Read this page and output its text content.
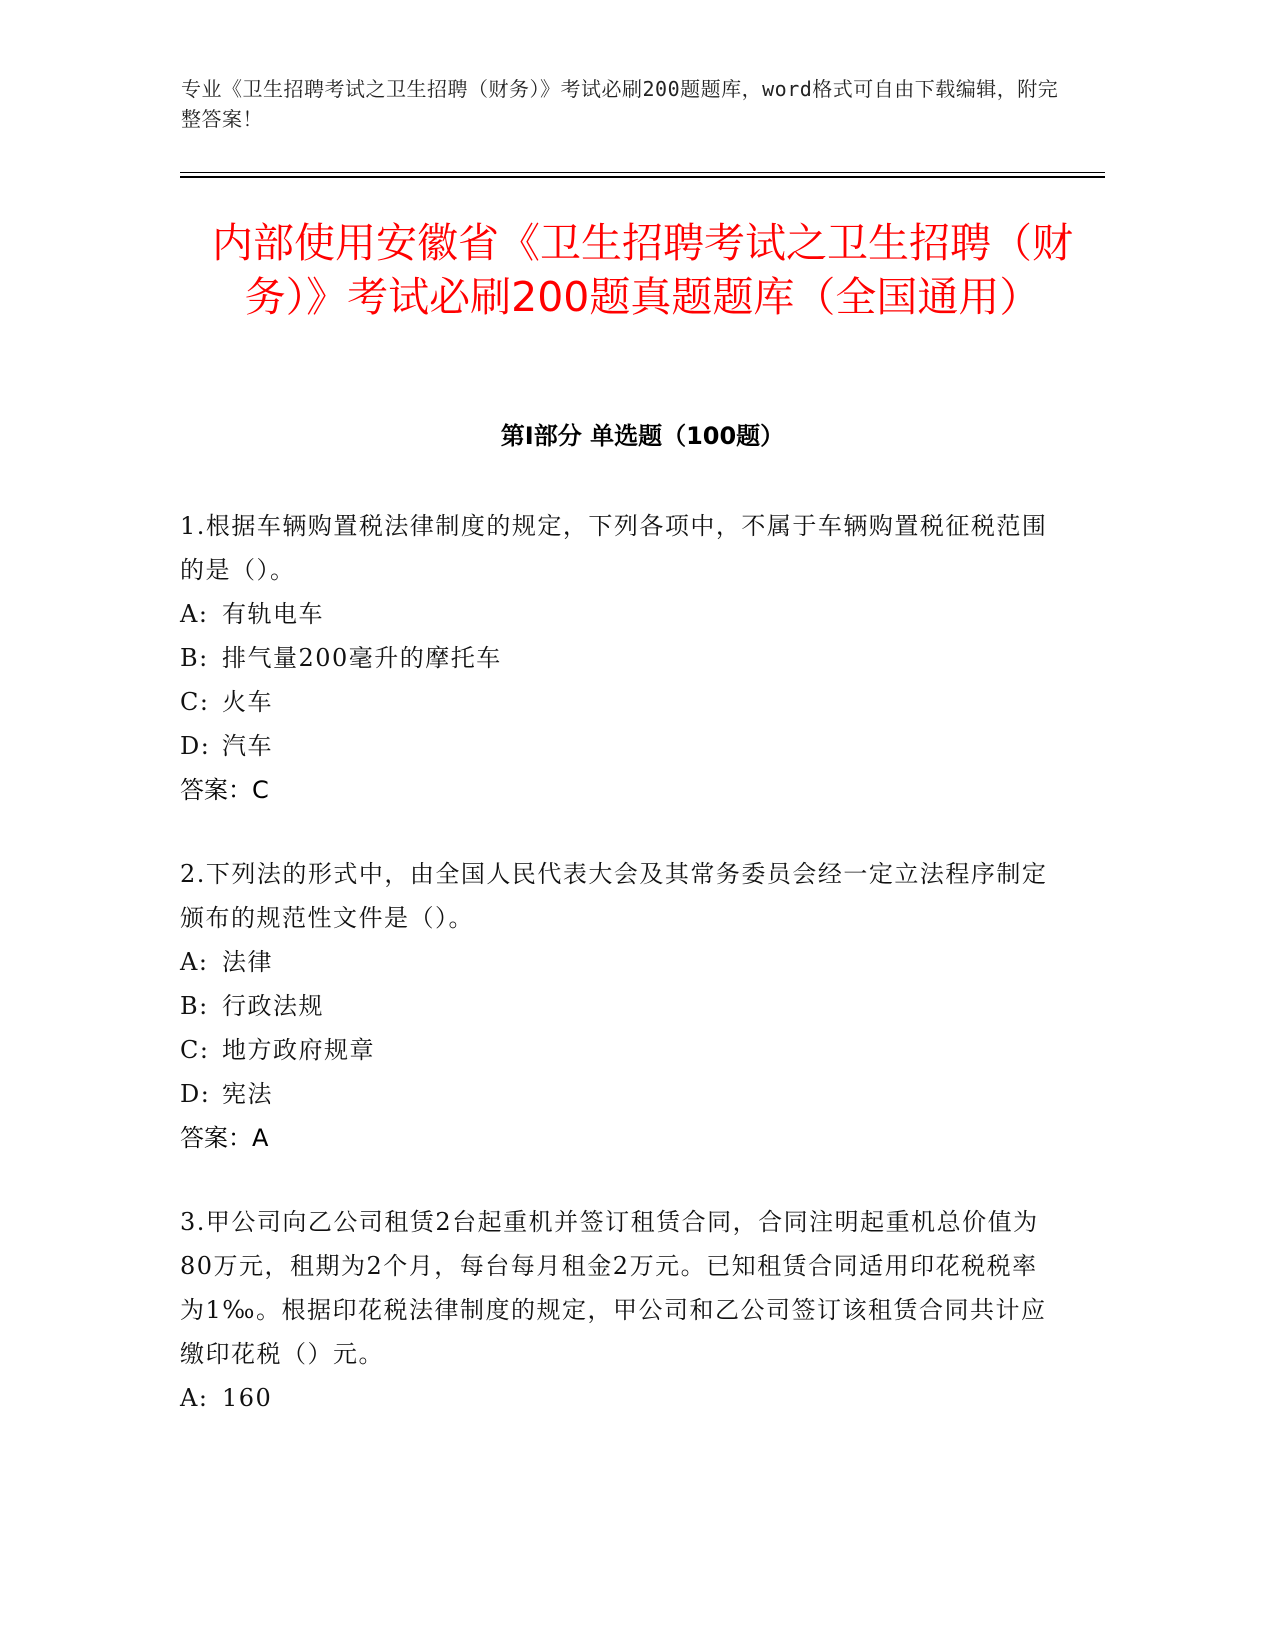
专业《卫生招聘考试之卫生招聘（财务）》考试必刷200题题库，word格式可自由下载编辑，附完整答案！
内部使用安徽省《卫生招聘考试之卫生招聘（财务）》考试必刷200题真题题库（全国通用）
第Ⅰ部分 单选题（100题）

1.根据车辆购置税法律制度的规定，下列各项中，不属于车辆购置税征税范围的是（）。

A: 有轨电车

B: 排气量200毫升的摩托车

C: 火车

D: 汽车

答案：C

2.下列法的形式中，由全国人民代表大会及其常务委员会经一定立法程序制定颁布的规范性文件是（）。

A: 法律

B: 行政法规

C: 地方政府规章

D: 宪法

答案：A

3.甲公司向乙公司租赁2台起重机并签订租赁合同，合同注明起重机总价值为80万元，租期为2个月，每台每月租金2万元。已知租赁合同适用印花税税率为1‰。根据印花税法律制度的规定，甲公司和乙公司签订该租赁合同共计应缴印花税（）元。

A: 160
